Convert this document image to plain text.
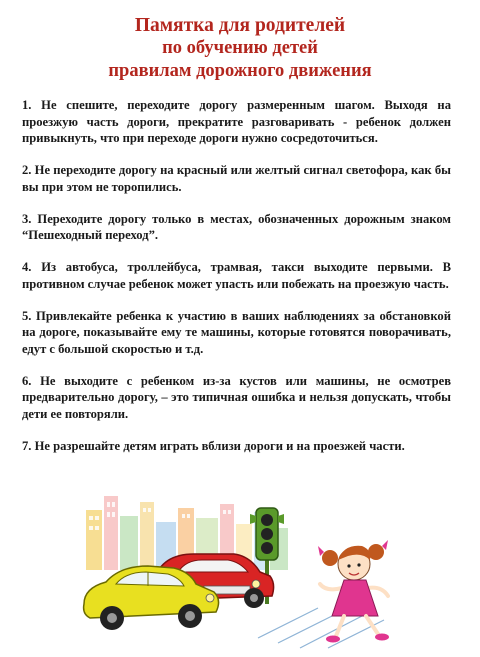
Памятка для родителей
по обучению детей
правилам дорожного движения

1. Не спешите, переходите дорогу размеренным шагом. Выходя на проезжую часть дороги, прекратите разговаривать - ребенок должен привыкнуть, что при переходе дороги нужно сосредоточиться.

2. Не переходите дорогу на красный или желтый сигнал светофора, как бы вы при этом не торопились.

3. Переходите дорогу только в местах, обозначенных дорожным знаком “Пешеходный переход”.

4. Из автобуса, троллейбуса, трамвая, такси выходите первыми. В противном случае ребенок может упасть или побежать на проезжую часть.

5. Привлекайте ребенка к участию в ваших наблюдениях за обстановкой на дороге, показывайте ему те машины, которые готовятся поворачивать, едут с большой скоростью и т.д.

6. Не выходите с ребенком из-за кустов или машины, не осмотрев предварительно дорогу, – это типичная ошибка и нельзя допускать, чтобы дети ее повторяли.

7. Не разрешайте детям играть вблизи дороги и на проезжей части.
